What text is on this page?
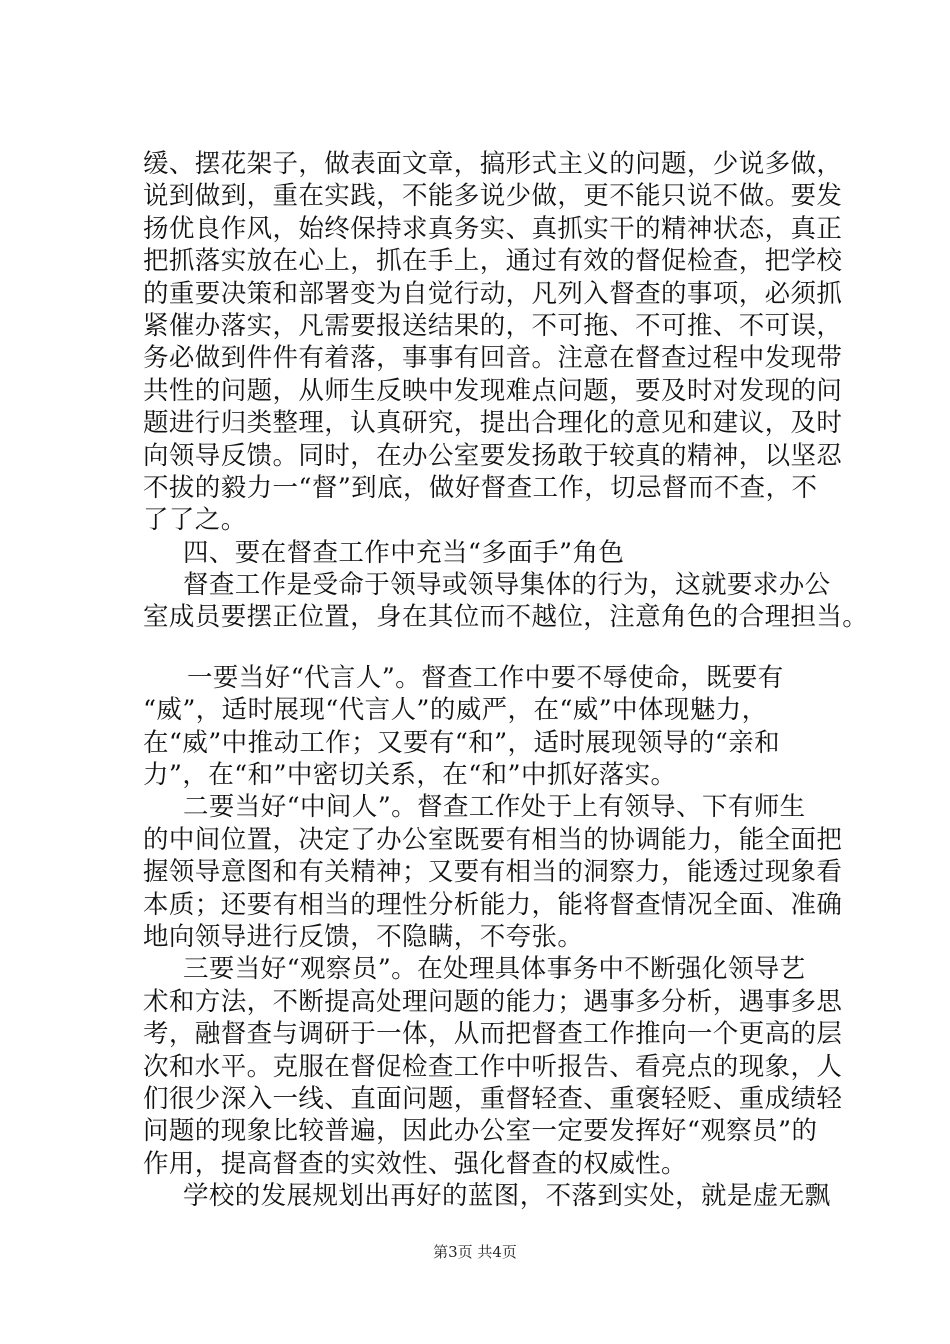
缓、摆花架子，做表面文章，搞形式主义的问题，少说多做，
说到做到，重在实践，不能多说少做，更不能只说不做。要发
扬优良作风，始终保持求真务实、真抓实干的精神状态，真正
把抓落实放在心上，抓在手上，通过有效的督促检查，把学校
的重要决策和部署变为自觉行动，凡列入督查的事项，必须抓
紧催办落实，凡需要报送结果的，不可拖、不可推、不可误，
务必做到件件有着落，事事有回音。注意在督查过程中发现带
共性的问题，从师生反映中发现难点问题，要及时对发现的问
题进行归类整理，认真研究，提出合理化的意见和建议，及时
向领导反馈。同时，在办公室要发扬敢于较真的精神，以坚忍
不拔的毅力一“督”到底，做好督查工作，切忌督而不查，不
了了之。
四、要在督查工作中充当“多面手”角色
督查工作是受命于领导或领导集体的行为，这就要求办公
室成员要摆正位置，身在其位而不越位，注意角色的合理担当。
一要当好“代言人”。督查工作中要不辱使命，既要有
“威”，适时展现“代言人”的威严，在“威”中体现魅力，
在“威”中推动工作；又要有“和”，适时展现领导的“亲和
力”，在“和”中密切关系，在“和”中抓好落实。
二要当好“中间人”。督查工作处于上有领导、下有师生
的中间位置，决定了办公室既要有相当的协调能力，能全面把
握领导意图和有关精神；又要有相当的洞察力，能透过现象看
本质；还要有相当的理性分析能力，能将督查情况全面、准确
地向领导进行反馈，不隐瞒，不夸张。
三要当好“观察员”。在处理具体事务中不断强化领导艺
术和方法，不断提高处理问题的能力；遇事多分析，遇事多思
考，融督查与调研于一体，从而把督查工作推向一个更高的层
次和水平。克服在督促检查工作中听报告、看亮点的现象，人
们很少深入一线、直面问题，重督轻查、重褒轻贬、重成绩轻
问题的现象比较普遍，因此办公室一定要发挥好“观察员”的
作用，提高督查的实效性、强化督查的权威性。
学校的发展规划出再好的蓝图，不落到实处，就是虚无飘
第3页 共4页
